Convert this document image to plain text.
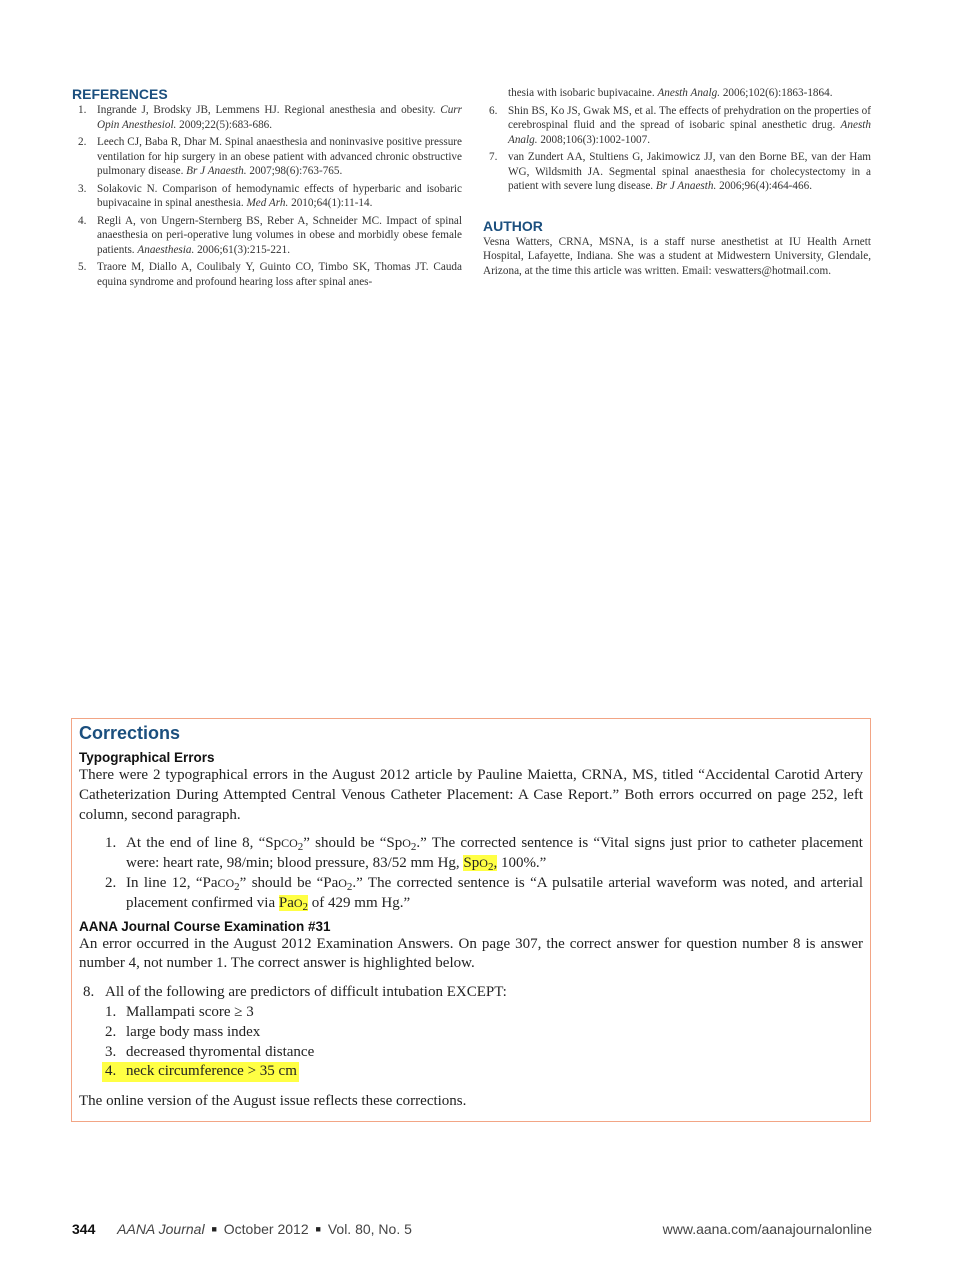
REFERENCES
1. Ingrande J, Brodsky JB, Lemmens HJ. Regional anesthesia and obesity. Curr Opin Anesthesiol. 2009;22(5):683-686.
2. Leech CJ, Baba R, Dhar M. Spinal anaesthesia and noninvasive positive pressure ventilation for hip surgery in an obese patient with advanced chronic obstructive pulmonary disease. Br J Anaesth. 2007;98(6):763-765.
3. Solakovic N. Comparison of hemodynamic effects of hyperbaric and isobaric bupivacaine in spinal anesthesia. Med Arh. 2010;64(1):11-14.
4. Regli A, von Ungern-Sternberg BS, Reber A, Schneider MC. Impact of spinal anaesthesia on peri-operative lung volumes in obese and morbidly obese female patients. Anaesthesia. 2006;61(3):215-221.
5. Traore M, Diallo A, Coulibaly Y, Guinto CO, Timbo SK, Thomas JT. Cauda equina syndrome and profound hearing loss after spinal anes-
thesia with isobaric bupivacaine. Anesth Analg. 2006;102(6):1863-1864.
6. Shin BS, Ko JS, Gwak MS, et al. The effects of prehydration on the properties of cerebrospinal fluid and the spread of isobaric spinal anesthetic drug. Anesth Analg. 2008;106(3):1002-1007.
7. van Zundert AA, Stultiens G, Jakimowicz JJ, van den Borne BE, van der Ham WG, Wildsmith JA. Segmental spinal anaesthesia for cholecystectomy in a patient with severe lung disease. Br J Anaesth. 2006;96(4):464-466.
AUTHOR
Vesna Watters, CRNA, MSNA, is a staff nurse anesthetist at IU Health Arnett Hospital, Lafayette, Indiana. She was a student at Midwestern University, Glendale, Arizona, at the time this article was written. Email: veswatters@hotmail.com.
Corrections
Typographical Errors

There were 2 typographical errors in the August 2012 article by Pauline Maietta, CRNA, MS, titled “Accidental Carotid Artery Catheterization During Attempted Central Venous Catheter Placement: A Case Report.” Both errors occurred on page 252, left column, second paragraph.

1. At the end of line 8, “SpCO$_2$” should be “SpO$_2$.” The corrected sentence is “Vital signs just prior to catheter placement were: heart rate, 98/min; blood pressure, 83/52 mm Hg, SpO$_2$, 100%.”
2. In line 12, “PaCO$_2$” should be “PaO$_2$.” The corrected sentence is “A pulsatile arterial waveform was noted, and arterial placement confirmed via PaO$_2$ of 429 mm Hg.”
AANA Journal Course Examination #31

An error occurred in the August 2012 Examination Answers. On page 307, the correct answer for question number 8 is answer number 4, not number 1. The correct answer is highlighted below.

8. All of the following are predictors of difficult intubation EXCEPT:
1. Mallampati score ≥ 3
2. large body mass index
3. decreased thyromental distance
4. neck circumference > 35 cm

The online version of the August issue reflects these corrections.

344 AANA Journal ■ October 2012 ■ Vol. 80, No. 5	www.aana.com/aanajournalonline
